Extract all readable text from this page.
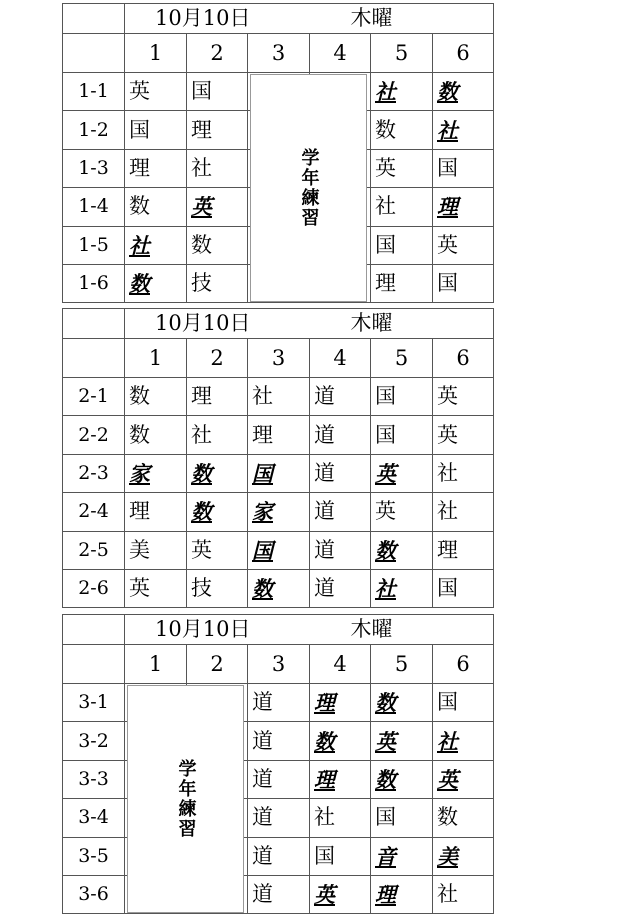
	10月10日 木曜					
	1	2	3	4	5	6
1-1	英	国			社	数
1-2	国	理			数	社
1-3	理	社			英	国
1-4	数	英			社	理
1-5	社	数			国	英
1-6	数	技			理	国
学年練習
	10月10日 木曜					
	1	2	3	4	5	6
2-1	数	理	社	道	国	英
2-2	数	社	理	道	国	英
2-3	家	数	国	道	英	社
2-4	理	数	家	道	英	社
2-5	美	英	国	道	数	理
2-6	英	技	数	道	社	国
	10月10日 木曜					
	1	2	3	4	5	6
3-1			道	理	数	国
3-2			道	数	英	社
3-3			道	理	数	英
3-4			道	社	国	数
3-5			道	国	音	美
3-6			道	英	理	社
学年練習
